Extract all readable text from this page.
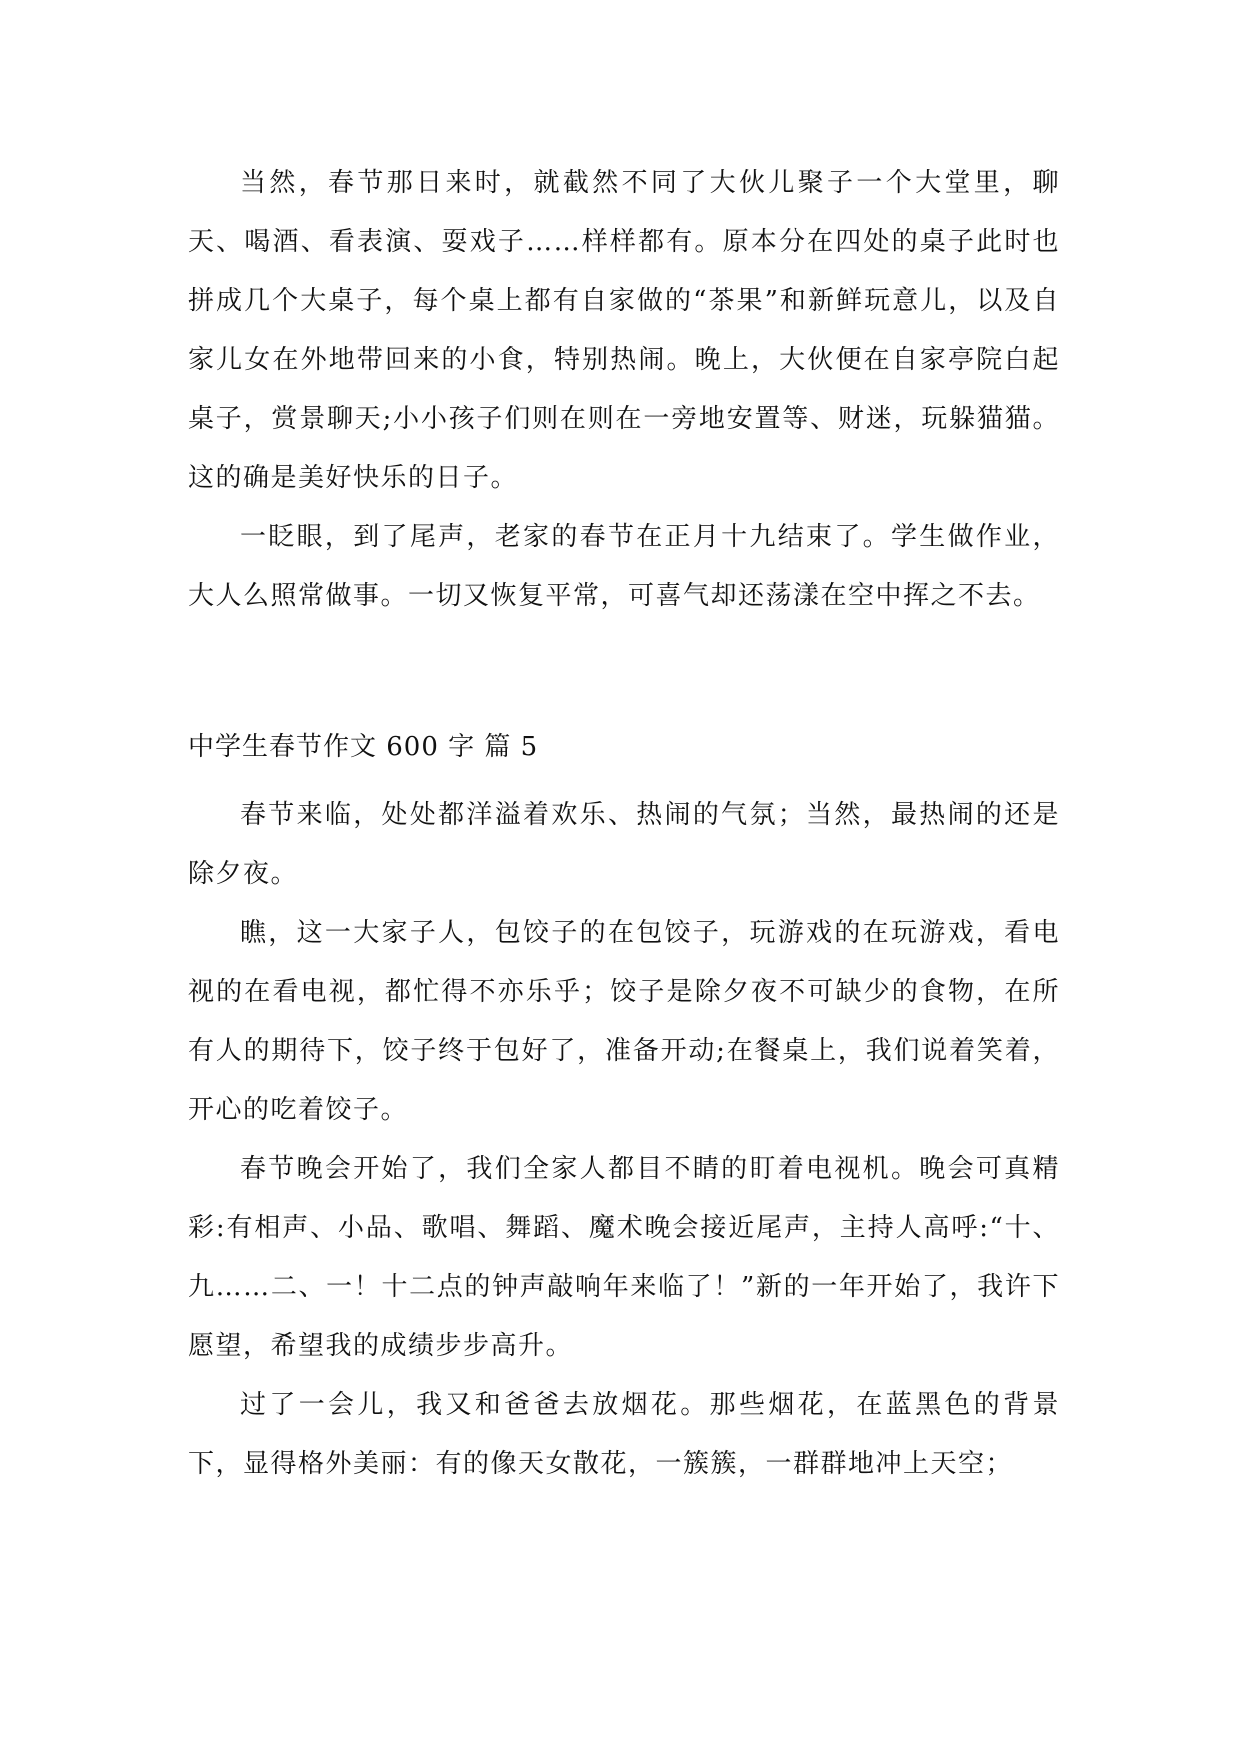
当然，春节那日来时，就截然不同了大伙儿聚子一个大堂里，聊天、喝酒、看表演、耍戏子……样样都有。原本分在四处的桌子此时也拼成几个大桌子，每个桌上都有自家做的“茶果”和新鲜玩意儿，以及自家儿女在外地带回来的小食，特别热闹。晚上，大伙便在自家亭院白起桌子，赏景聊天;小小孩子们则在则在一旁地安置等、财迷，玩躲猫猫。这的确是美好快乐的日子。

一眨眼，到了尾声，老家的春节在正月十九结束了。学生做作业，大人么照常做事。一切又恢复平常，可喜气却还荡漾在空中挥之不去。

中学生春节作文 600 字 篇 5

春节来临，处处都洋溢着欢乐、热闹的气氛；当然，最热闹的还是除夕夜。

瞧，这一大家子人，包饺子的在包饺子，玩游戏的在玩游戏，看电视的在看电视，都忙得不亦乐乎；饺子是除夕夜不可缺少的食物，在所有人的期待下，饺子终于包好了，准备开动;在餐桌上，我们说着笑着，开心的吃着饺子。

春节晚会开始了，我们全家人都目不睛的盯着电视机。晚会可真精彩:有相声、小品、歌唱、舞蹈、魔术晚会接近尾声，主持人高呼:“十、九……二、一！十二点的钟声敲响年来临了！”新的一年开始了，我许下愿望，希望我的成绩步步高升。

过了一会儿，我又和爸爸去放烟花。那些烟花，在蓝黑色的背景下，显得格外美丽：有的像天女散花，一簇簇，一群群地冲上天空；
